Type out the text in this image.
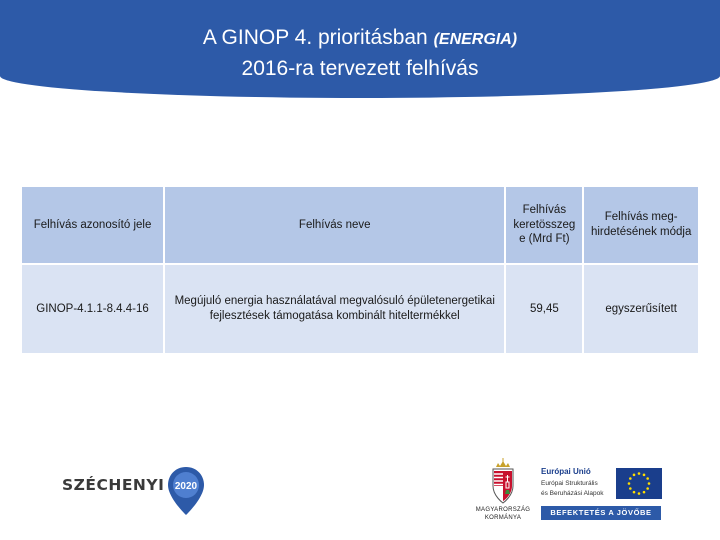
A GINOP 4. prioritásban (ENERGIA)
2016-ra tervezett felhívás
Felhívás azonosító jele	Felhívás neve	Felhívás keretösszeg e (Mrd Ft)	Felhívás meg-hirdetésének módja
GINOP-4.1.1-8.4.4-16	Megújuló energia használatával megvalósuló épületenergetikai fejlesztések támogatása kombinált hiteltermékkel	59,45	egyszerűsített
SZÉCHENYI 2020
MAGYARORSZÁG
KORMÁNYA
Európai Unió
Európai Strukturális
és Beruházási Alapok
BEFEKTETÉS A JÖVŐBE
